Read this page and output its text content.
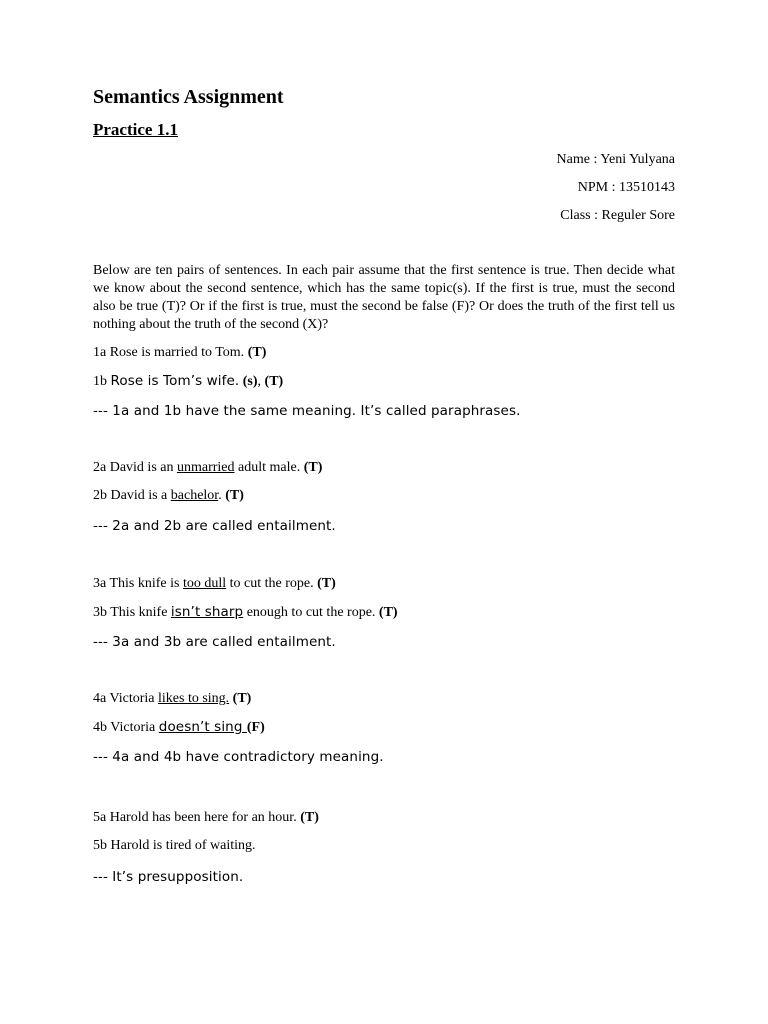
Semantics Assignment
Practice 1.1
Name : Yeni Yulyana
NPM : 13510143
Class : Reguler Sore
Below are ten pairs of sentences. In each pair assume that the first sentence is true. Then decide what we know about the second sentence, which has the same topic(s). If the first is true, must the second also be true (T)? Or if the first is true, must the second be false (F)? Or does the truth of the first tell us nothing about the truth of the second (X)?
1a Rose is married to Tom. (T)
1b Rose is Tom’s wife. (s), (T)
--- 1a and 1b have the same meaning. It’s called paraphrases.
2a David is an unmarried adult male. (T)
2b David is a bachelor. (T)
--- 2a and 2b are called entailment.
3a This knife is too dull to cut the rope. (T)
3b This knife isn’t sharp enough to cut the rope. (T)
--- 3a and 3b are called entailment.
4a Victoria likes to sing. (T)
4b Victoria doesn’t sing (F)
--- 4a and 4b have contradictory meaning.
5a Harold has been here for an hour. (T)
5b Harold is tired of waiting.
--- It’s presupposition.
